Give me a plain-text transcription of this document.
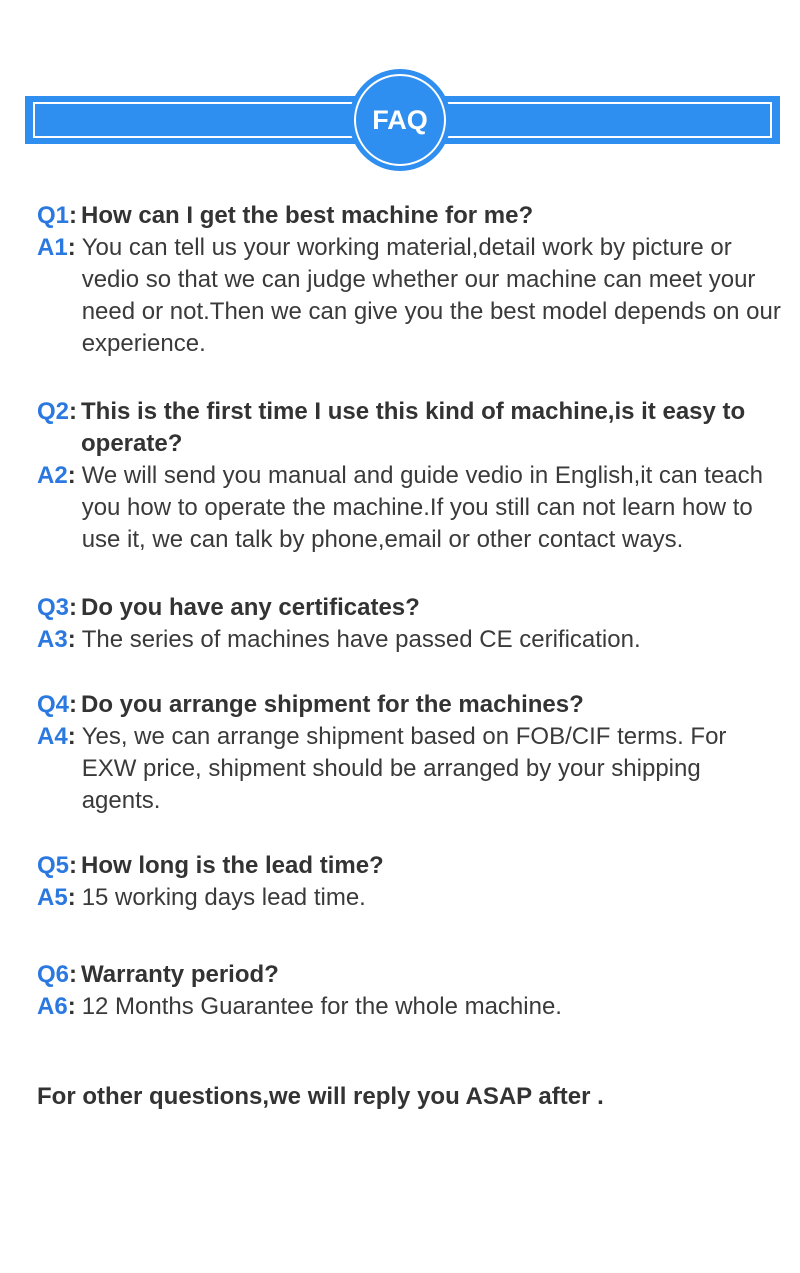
FAQ
Q1: How can I get the best machine for me?
A1: You can tell us your working material,detail work by picture or vedio so that we can judge whether our machine can meet your need or not.Then we can give you the best model depends on our experience.
Q2: This is the first time I use this kind of machine,is it easy to operate?
A2: We will send you manual and guide vedio in English,it can teach you how to operate the machine.If you still can not learn how to use it, we can talk by phone,email or other contact ways.
Q3: Do you have any certificates?
A3: The series of machines have passed CE cerification.
Q4: Do you arrange shipment for the machines?
A4: Yes, we can arrange shipment based on FOB/CIF terms. For EXW price, shipment should be arranged by your shipping agents.
Q5: How long is the lead time?
A5: 15 working days lead time.
Q6: Warranty period?
A6: 12 Months Guarantee for the whole machine.
For other questions,we will reply you ASAP after .
